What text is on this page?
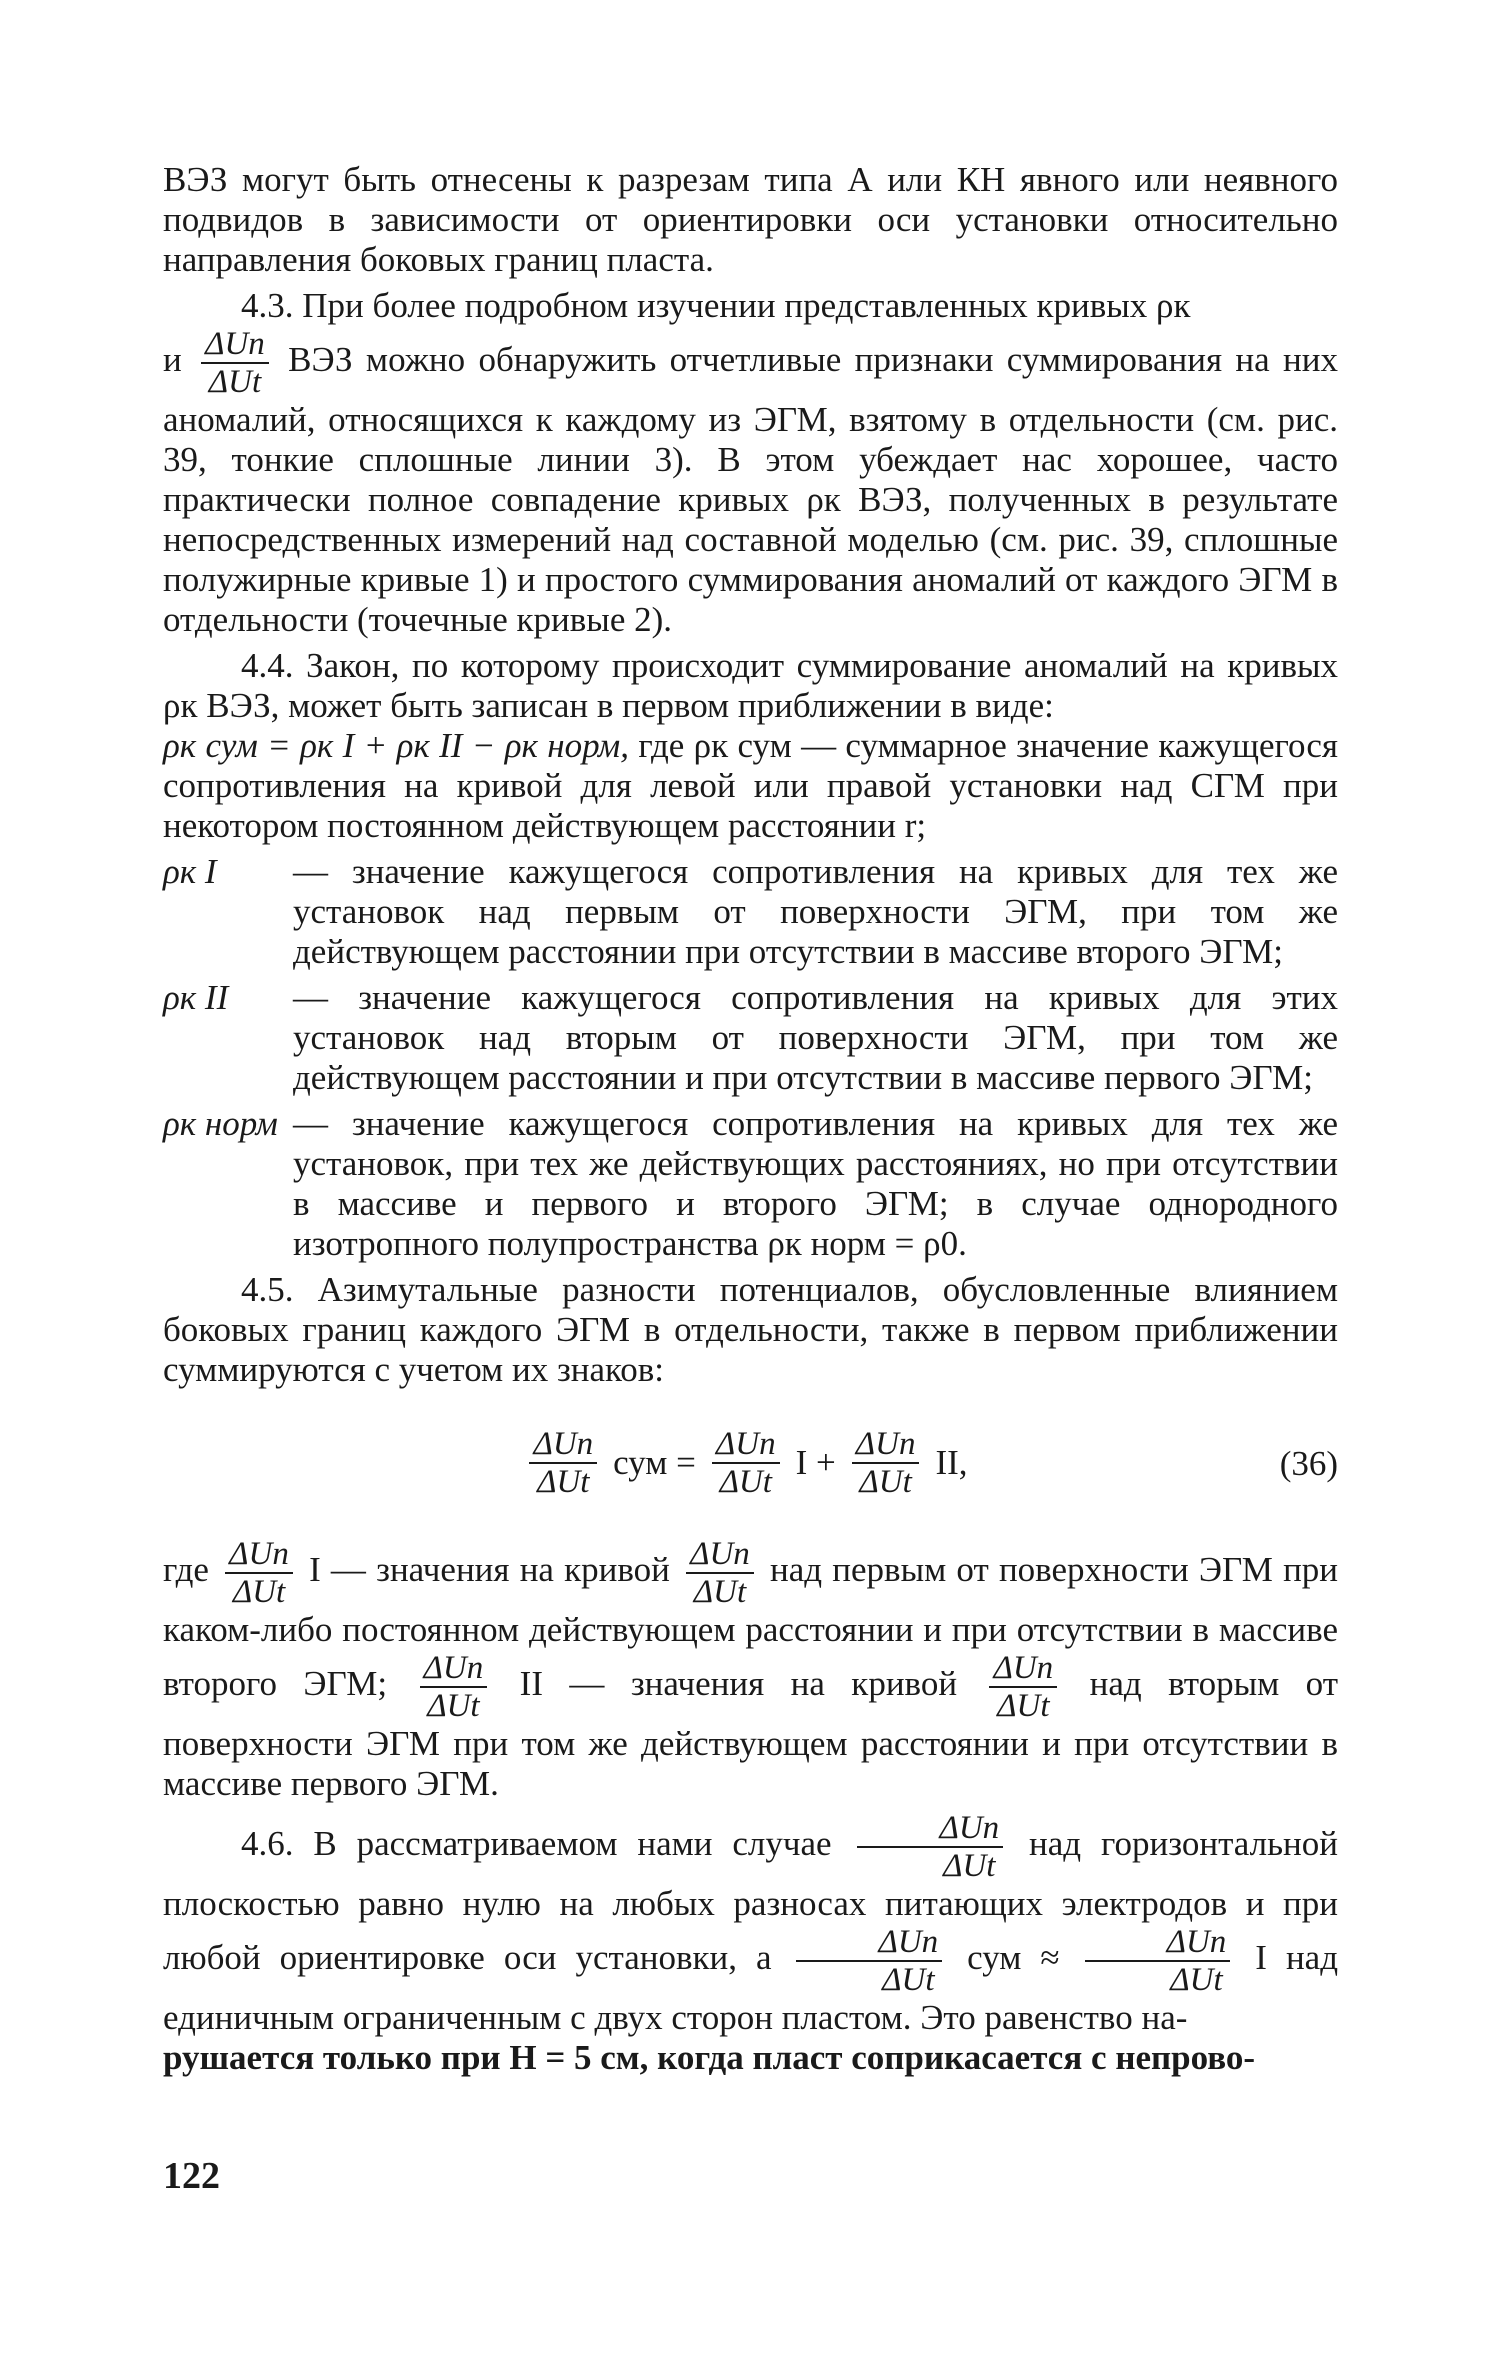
ВЭЗ могут быть отнесены к разрезам типа А или КН явного или неявного подвидов в зависимости от ориентировки оси установки относительно направления боковых границ пласта.

4.3. При более подробном изучении представленных кривых ρк

и $\frac{\text{ΔUn}}{\text{ΔUt}}$ ВЭЗ можно обнаружить отчетливые признаки суммирования на них аномалий, относящихся к каждому из ЭГМ, взятому в отдельности (см. рис. 39, тонкие сплошные линии 3). В этом убеждает нас хорошее, часто практически полное совпадение кривых ρк ВЭЗ, полученных в результате непосредственных измерений над составной моделью (см. рис. 39, сплошные полужирные кривые 1) и простого суммирования аномалий от каждого ЭГМ в отдельности (точечные кривые 2).

4.4. Закон, по которому происходит суммирование аномалий на кривых ρк ВЭЗ, может быть записан в первом приближении в виде:

ρк сум = ρк I + ρк II − ρк норм, где ρк сум — суммарное значение кажущегося сопротивления на кривой для левой или правой установки над СГМ при некотором постоянном действующем расстоянии r;

ρк I	— значение кажущегося сопротивления на кривых для тех же установок над первым от поверхности ЭГМ, при том же действующем расстоянии при отсутствии в массиве второго ЭГМ;

ρк II	— значение кажущегося сопротивления на кривых для этих установок над вторым от поверхности ЭГМ, при том же действующем расстоянии и при отсутствии в массиве первого ЭГМ;

ρк норм — значение кажущегося сопротивления на кривых для тех же установок, при тех же действующих расстояниях, но при отсутствии в массиве и первого и второго ЭГМ; в случае однородного изотропного полупространства ρк норм = ρ0.

4.5. Азимутальные разности потенциалов, обусловленные влиянием боковых границ каждого ЭГМ в отдельности, также в первом приближении суммируются с учетом их знаков:

$\frac{\text{ΔUn}}{\text{ΔUt}}$ сум = $\frac{\text{ΔUn}}{\text{ΔUt}}$ $I + \frac{\text{ΔUn}}{\text{ΔUt}}$ II,	(36)

где $\frac{\text{ΔUn}}{\text{ΔUt}}$ I — значения на кривой $\frac{\text{ΔUn}}{\text{ΔUt}}$ над первым от поверхности ЭГМ при каком-либо постоянном действующем расстоянии и при отсутствии в массиве второго ЭГМ; $\frac{\text{ΔUn}}{\text{ΔUt}}$ II — значения на кривой $\frac{\text{ΔUn}}{\text{ΔUt}}$ над вторым от поверхности ЭГМ при том же действующем расстоянии и при отсутствии в массиве первого ЭГМ.

4.6. В рассматриваемом нами случае $\frac{\text{ΔUn}}{\text{ΔUt}}$ над горизонтальной плоскостью равно нулю на любых разносах питающих электродов и при любой ориентировке оси установки, а $\frac{\text{ΔUn}}{\text{ΔUt}}$ сум ≈ $\frac{\text{ΔUn}}{\text{ΔUt}}$ I над единичным ограниченным с двух сторон пластом. Это равенство на-

рушается только при H = 5 см, когда пласт соприкасается с непрово-

122
